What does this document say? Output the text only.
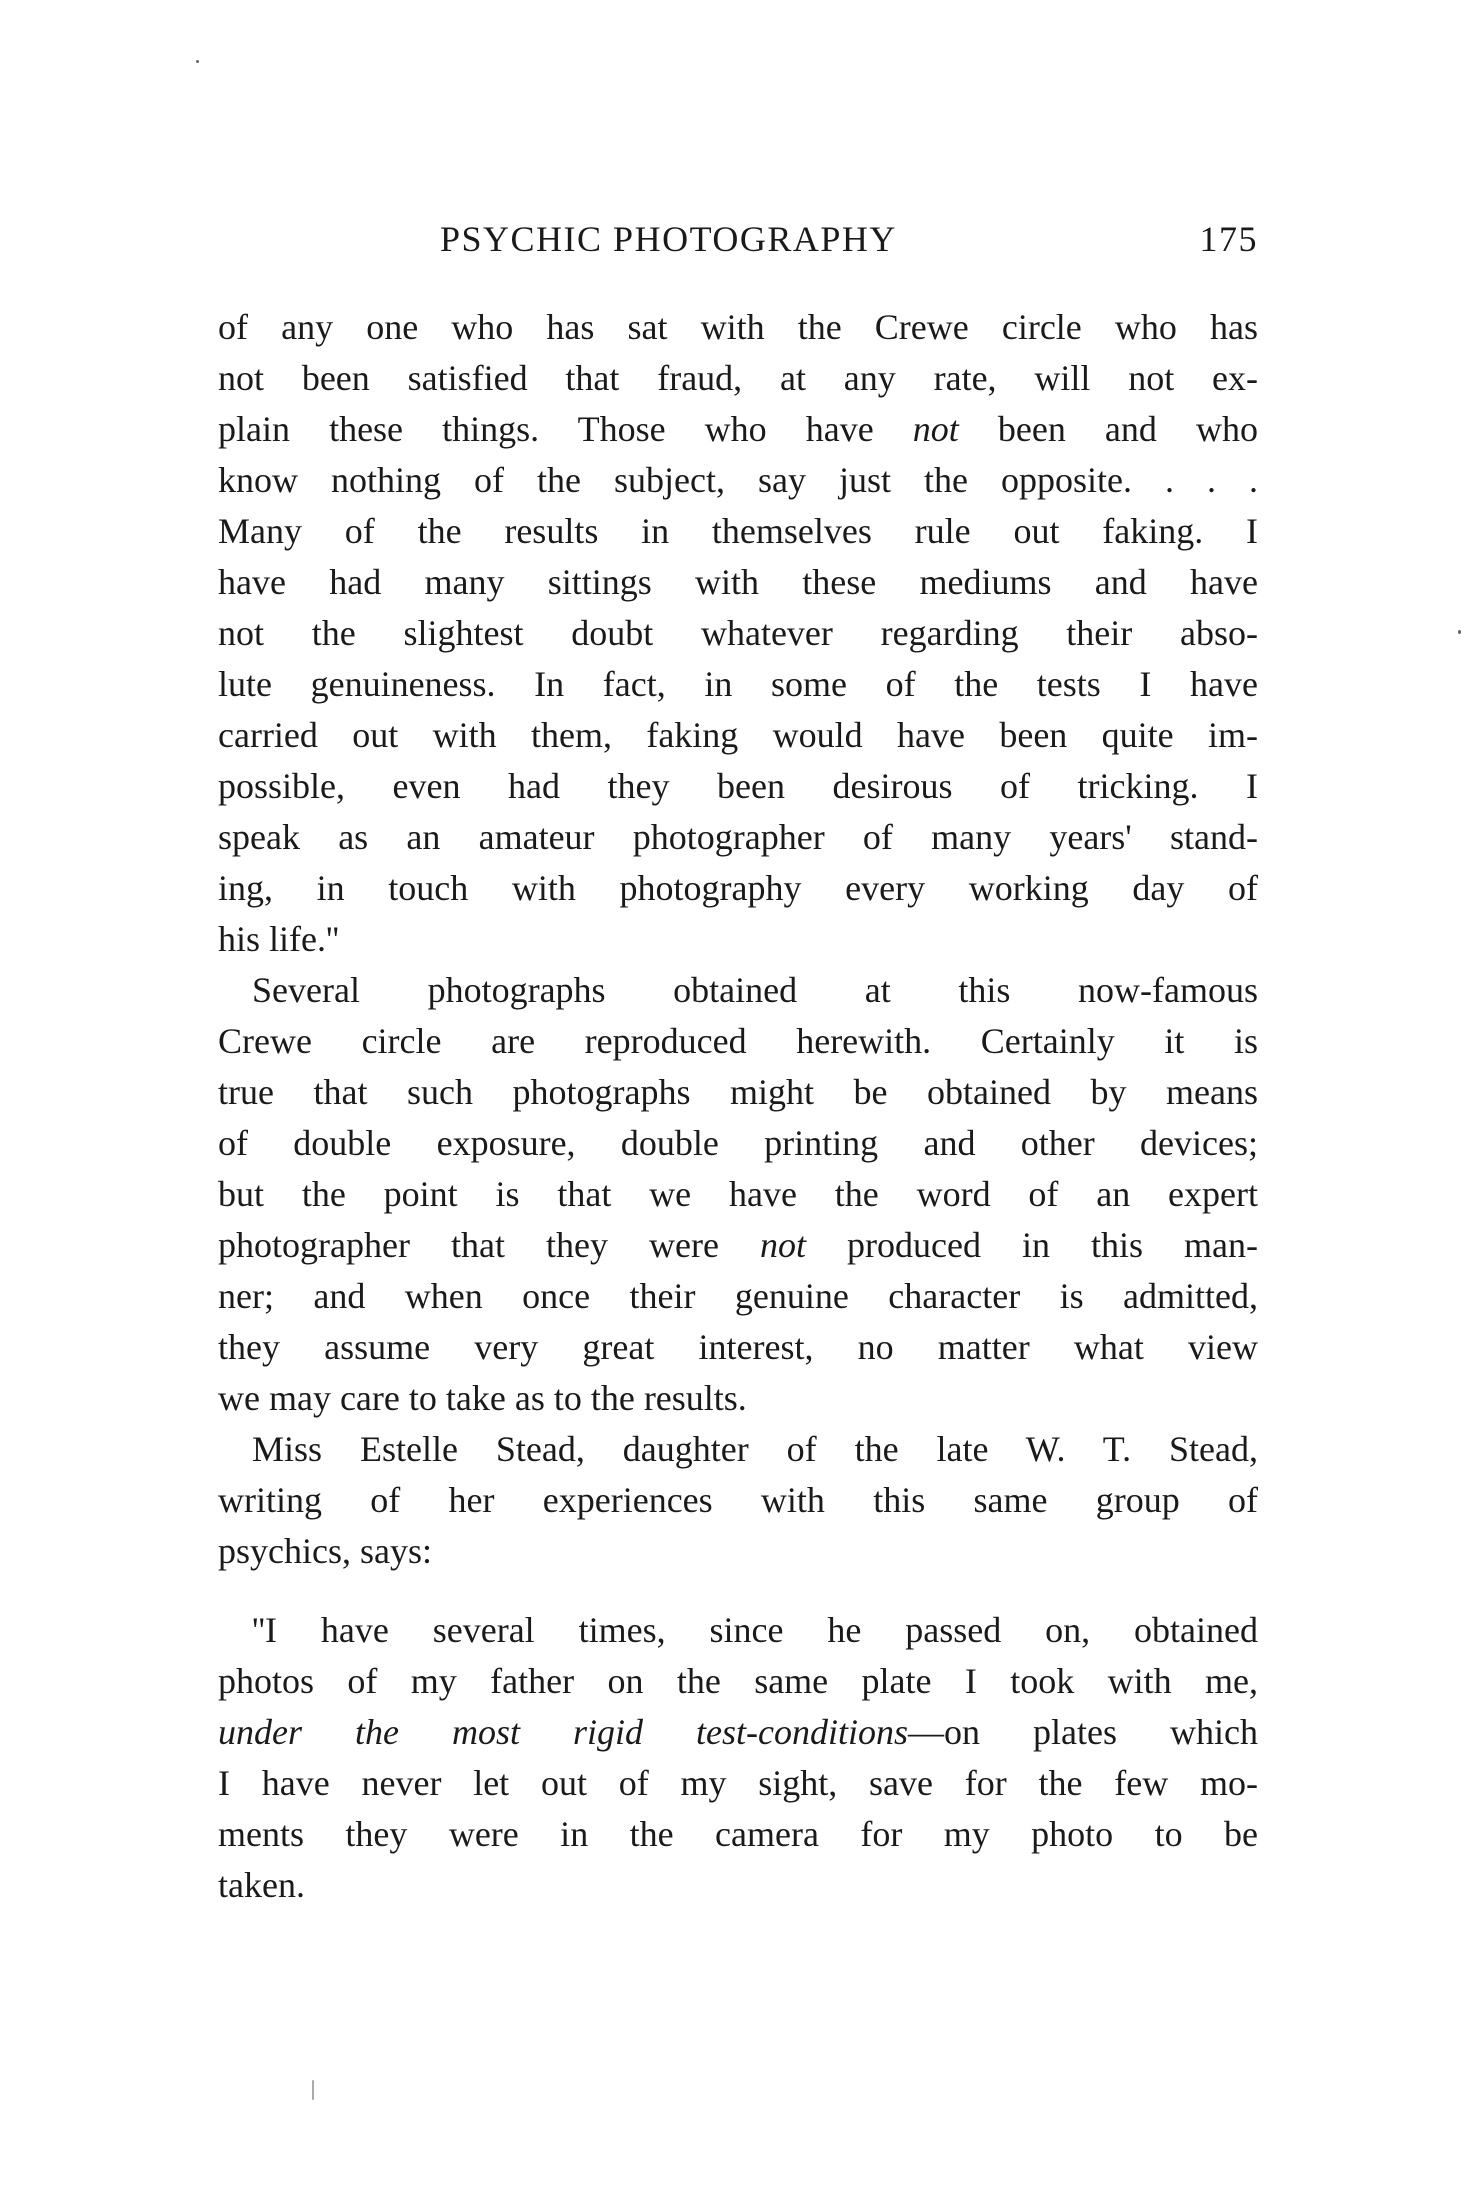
PSYCHIC PHOTOGRAPHY	175
of any one who has sat with the Crewe circle who has
not been satisfied that fraud, at any rate, will not ex-
plain these things. Those who have not been and who
know nothing of the subject, say just the opposite. . . .
Many of the results in themselves rule out faking. I
have had many sittings with these mediums and have
not the slightest doubt whatever regarding their abso-
lute genuineness. In fact, in some of the tests I have
carried out with them, faking would have been quite im-
possible, even had they been desirous of tricking. I
speak as an amateur photographer of many years' stand-
ing, in touch with photography every working day of
his life.''
Several photographs obtained at this now-famous
Crewe circle are reproduced herewith. Certainly it is
true that such photographs might be obtained by means
of double exposure, double printing and other devices;
but the point is that we have the word of an expert
photographer that they were not produced in this man-
ner; and when once their genuine character is admitted,
they assume very great interest, no matter what view
we may care to take as to the results.
Miss Estelle Stead, daughter of the late W. T. Stead,
writing of her experiences with this same group of
psychics, says:
''I have several times, since he passed on, obtained
photos of my father on the same plate I took with me,
under the most rigid test-conditions—on plates which
I have never let out of my sight, save for the few mo-
ments they were in the camera for my photo to be
taken.
